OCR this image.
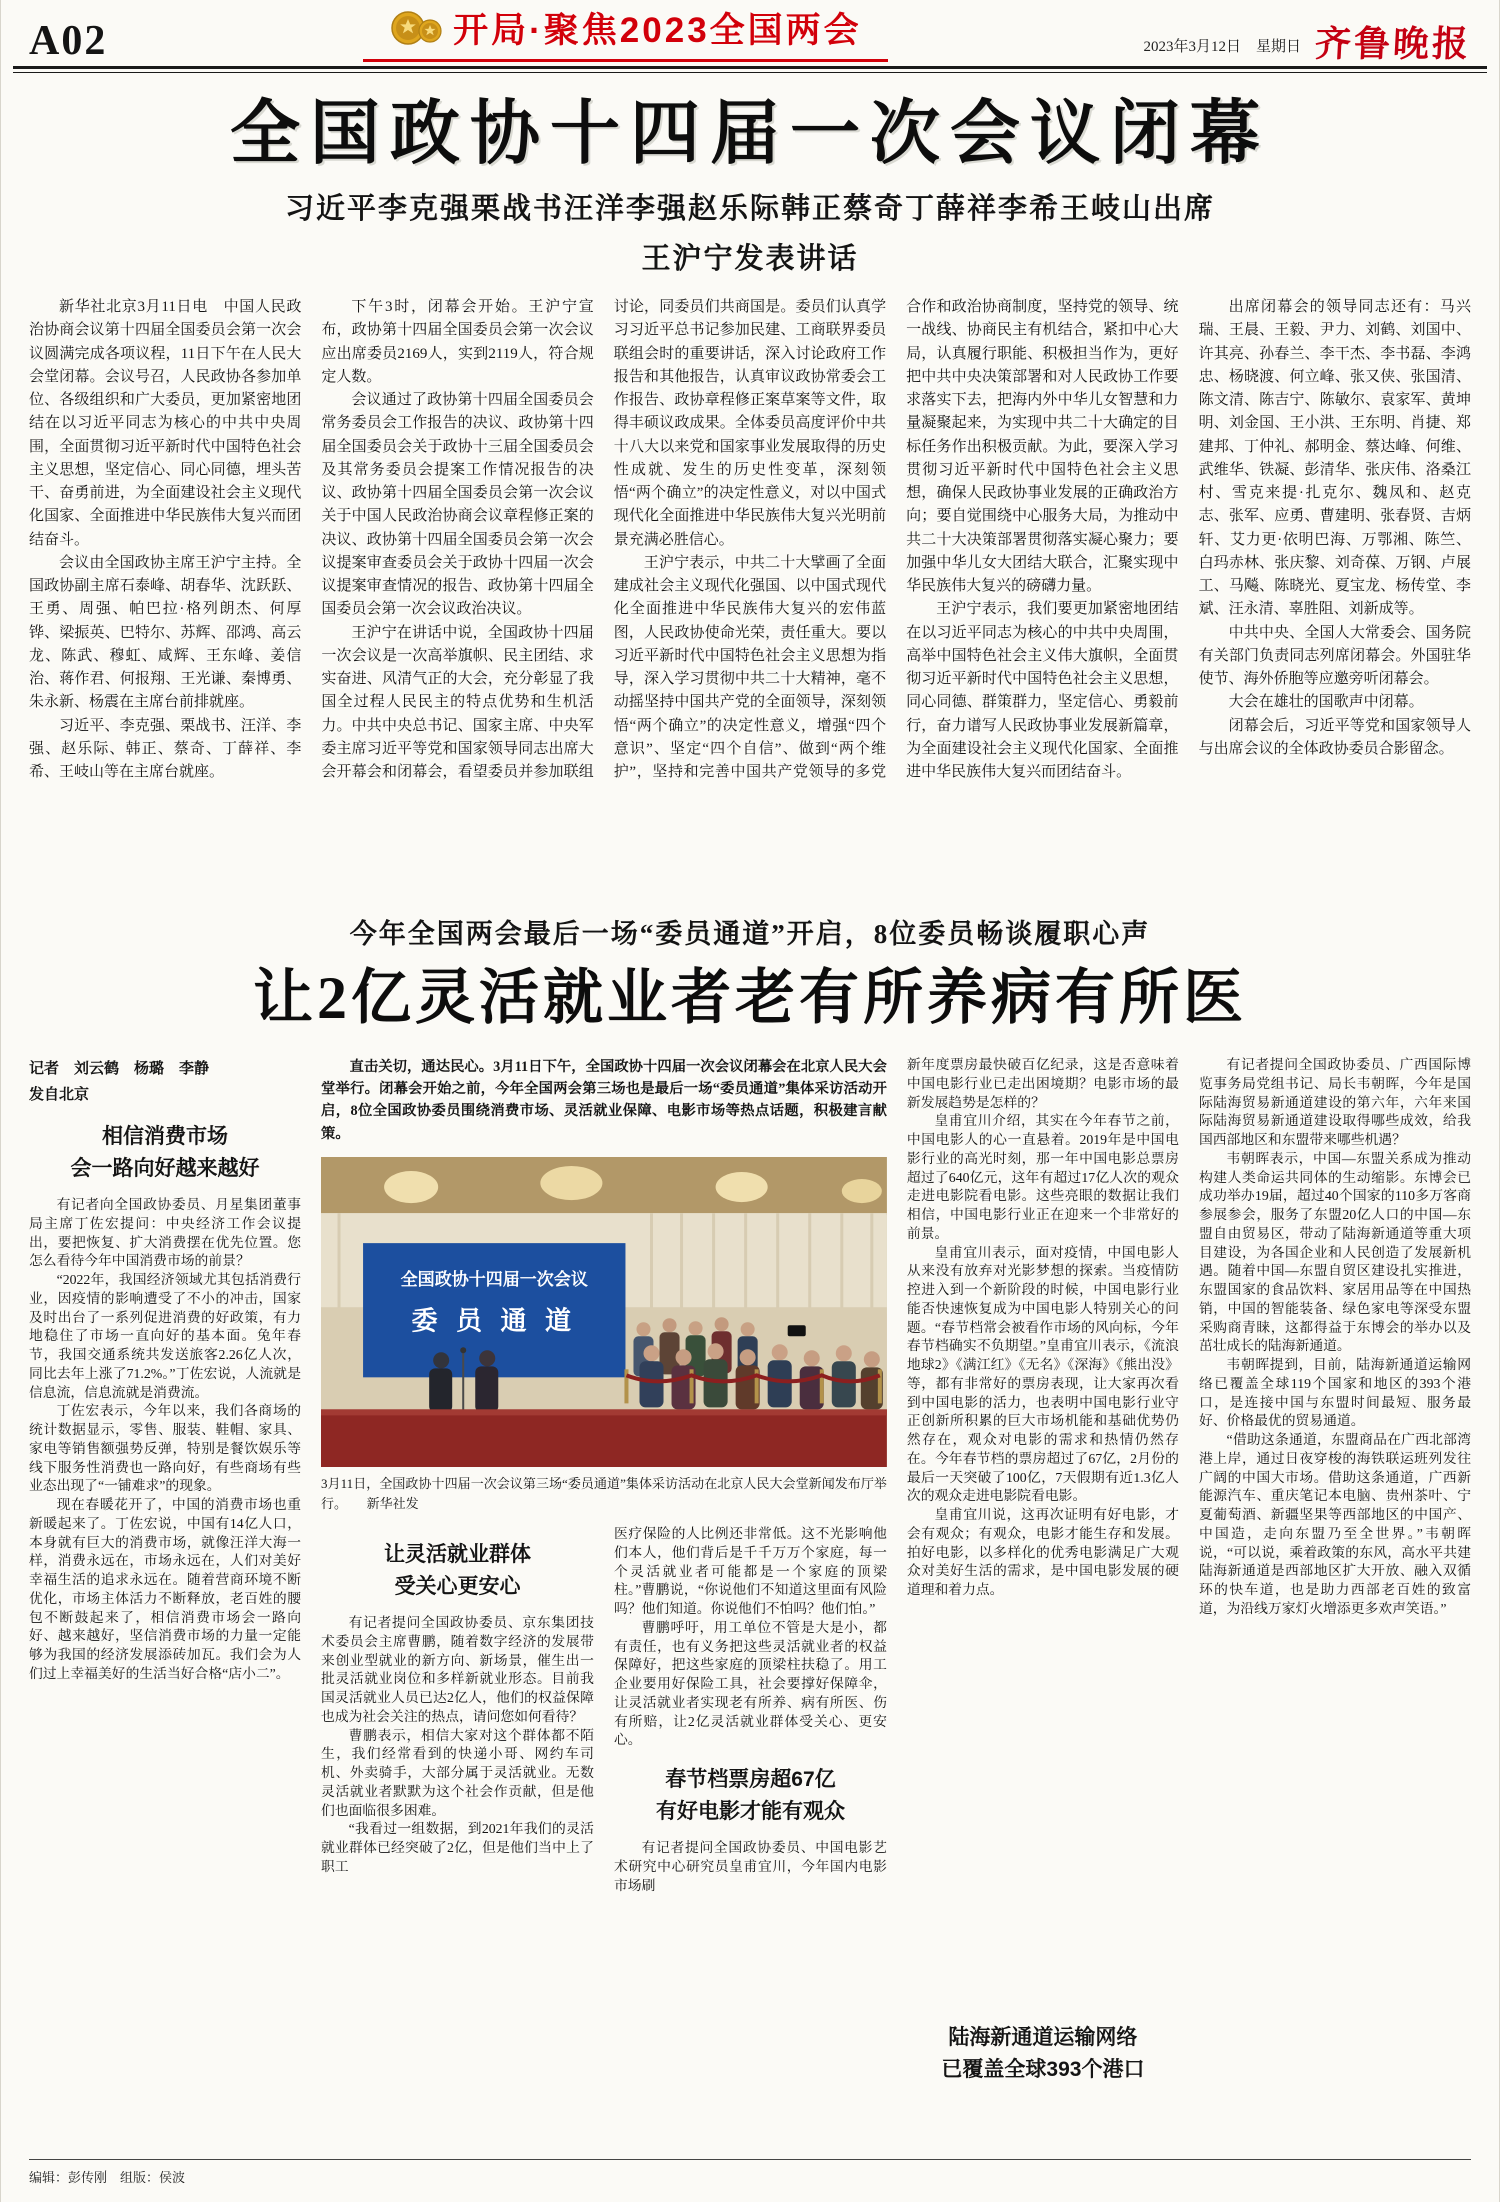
A02	开局·聚焦2023全国两会	2023年3月12日　星期日 齐鲁晚报
全国政协十四届一次会议闭幕
习近平李克强栗战书汪洋李强赵乐际韩正蔡奇丁薛祥李希王岐山出席
王沪宁发表讲话

新华社北京3月11日电　中国人民政治协商会议第十四届全国委员会第一次会议圆满完成各项议程，11日下午在人民大会堂闭幕。会议号召，人民政协各参加单位、各级组织和广大委员，更加紧密地团结在以习近平同志为核心的中共中央周围，全面贯彻习近平新时代中国特色社会主义思想，坚定信心、同心同德，埋头苦干、奋勇前进，为全面建设社会主义现代化国家、全面推进中华民族伟大复兴而团结奋斗。

会议由全国政协主席王沪宁主持。全国政协副主席石泰峰、胡春华、沈跃跃、王勇、周强、帕巴拉·格列朗杰、何厚铧、梁振英、巴特尔、苏辉、邵鸿、高云龙、陈武、穆虹、咸辉、王东峰、姜信治、蒋作君、何报翔、王光谦、秦博勇、朱永新、杨震在主席台前排就座。

习近平、李克强、栗战书、汪洋、李强、赵乐际、韩正、蔡奇、丁薛祥、李希、王岐山等在主席台就座。

下午3时，闭幕会开始。王沪宁宣布，政协第十四届全国委员会第一次会议应出席委员2169人，实到2119人，符合规定人数。

会议通过了政协第十四届全国委员会常务委员会工作报告的决议、政协第十四届全国委员会关于政协十三届全国委员会及其常务委员会提案工作情况报告的决议、政协第十四届全国委员会第一次会议关于中国人民政治协商会议章程修正案的决议、政协第十四届全国委员会第一次会议提案审查委员会关于政协十四届一次会议提案审查情况的报告、政协第十四届全国委员会第一次会议政治决议。

王沪宁在讲话中说，全国政协十四届一次会议是一次高举旗帜、民主团结、求实奋进、风清气正的大会，充分彰显了我国全过程人民民主的特点优势和生机活力。中共中央总书记、国家主席、中央军委主席习近平等党和国家领导同志出席大会开幕会和闭幕会，看望委员并参加联组讨论，同委员们共商国是。委员们认真学习习近平总书记参加民建、工商联界委员联组会时的重要讲话，深入讨论政府工作报告和其他报告，认真审议政协常委会工作报告、政协章程修正案草案等文件，取得丰硕议政成果。全体委员高度评价中共十八大以来党和国家事业发展取得的历史性成就、发生的历史性变革，深刻领悟“两个确立”的决定性意义，对以中国式现代化全面推进中华民族伟大复兴光明前景充满必胜信心。

王沪宁表示，中共二十大擘画了全面建成社会主义现代化强国、以中国式现代化全面推进中华民族伟大复兴的宏伟蓝图，人民政协使命光荣，责任重大。要以习近平新时代中国特色社会主义思想为指导，深入学习贯彻中共二十大精神，毫不动摇坚持中国共产党的全面领导，深刻领悟“两个确立”的决定性意义，增强“四个意识”、坚定“四个自信”、做到“两个维护”，坚持和完善中国共产党领导的多党合作和政治协商制度，坚持党的领导、统一战线、协商民主有机结合，紧扣中心大局，认真履行职能、积极担当作为，更好把中共中央决策部署和对人民政协工作要求落实下去，把海内外中华儿女智慧和力量凝聚起来，为实现中共二十大确定的目标任务作出积极贡献。为此，要深入学习贯彻习近平新时代中国特色社会主义思想，确保人民政协事业发展的正确政治方向；要自觉围绕中心服务大局，为推动中共二十大决策部署贯彻落实凝心聚力；要加强中华儿女大团结大联合，汇聚实现中华民族伟大复兴的磅礴力量。

王沪宁表示，我们要更加紧密地团结在以习近平同志为核心的中共中央周围，高举中国特色社会主义伟大旗帜，全面贯彻习近平新时代中国特色社会主义思想，同心同德、群策群力，坚定信心、勇毅前行，奋力谱写人民政协事业发展新篇章，为全面建设社会主义现代化国家、全面推进中华民族伟大复兴而团结奋斗。

出席闭幕会的领导同志还有：马兴瑞、王晨、王毅、尹力、刘鹤、刘国中、许其亮、孙春兰、李干杰、李书磊、李鸿忠、杨晓渡、何立峰、张又侠、张国清、陈文清、陈吉宁、陈敏尔、袁家军、黄坤明、刘金国、王小洪、王东明、肖捷、郑建邦、丁仲礼、郝明金、蔡达峰、何维、武维华、铁凝、彭清华、张庆伟、洛桑江村、雪克来提·扎克尔、魏凤和、赵克志、张军、应勇、曹建明、张春贤、吉炳轩、艾力更·依明巴海、万鄂湘、陈竺、白玛赤林、张庆黎、刘奇葆、万钢、卢展工、马飚、陈晓光、夏宝龙、杨传堂、李斌、汪永清、辜胜阻、刘新成等。

中共中央、全国人大常委会、国务院有关部门负责同志列席闭幕会。外国驻华使节、海外侨胞等应邀旁听闭幕会。

大会在雄壮的国歌声中闭幕。

闭幕会后，习近平等党和国家领导人与出席会议的全体政协委员合影留念。

今年全国两会最后一场“委员通道”开启，8位委员畅谈履职心声
让2亿灵活就业者老有所养病有所医
记者　刘云鹤　杨璐　李静
发自北京
相信消费市场
会一路向好越来越好

有记者向全国政协委员、月星集团董事局主席丁佐宏提问：中央经济工作会议提出，要把恢复、扩大消费摆在优先位置。您怎么看待今年中国消费市场的前景？

“2022年，我国经济领域尤其包括消费行业，因疫情的影响遭受了不小的冲击，国家及时出台了一系列促进消费的好政策，有力地稳住了市场一直向好的基本面。兔年春节，我国交通系统共发送旅客2.26亿人次，同比去年上涨了71.2%。”丁佐宏说，人流就是信息流，信息流就是消费流。

丁佐宏表示，今年以来，我们各商场的统计数据显示，零售、服装、鞋帽、家具、家电等销售额强势反弹，特别是餐饮娱乐等线下服务性消费也一路向好，有些商场有些业态出现了“一铺难求”的现象。

现在春暖花开了，中国的消费市场也重新暖起来了。丁佐宏说，中国有14亿人口，本身就有巨大的消费市场，就像汪洋大海一样，消费永远在，市场永远在，人们对美好幸福生活的追求永远在。随着营商环境不断优化，市场主体活力不断释放，老百姓的腰包不断鼓起来了，相信消费市场会一路向好、越来越好，坚信消费市场的力量一定能够为我国的经济发展添砖加瓦。我们会为人们过上幸福美好的生活当好合格“店小二”。

直击关切，通达民心。3月11日下午，全国政协十四届一次会议闭幕会在北京人民大会堂举行。闭幕会开始之前，今年全国两会第三场也是最后一场“委员通道”集体采访活动开启，8位全国政协委员围绕消费市场、灵活就业保障、电影市场等热点话题，积极建言献策。

全国政协十四届一次会议
委 员 通 道
3月11日，全国政协十四届一次会议第三场“委员通道”集体采访活动在北京人民大会堂新闻发布厅举行。 新华社发
让灵活就业群体
受关心更安心

有记者提问全国政协委员、京东集团技术委员会主席曹鹏，随着数字经济的发展带来创业型就业的新方向、新场景，催生出一批灵活就业岗位和多样新就业形态。目前我国灵活就业人员已达2亿人，他们的权益保障也成为社会关注的热点，请问您如何看待？

曹鹏表示，相信大家对这个群体都不陌生，我们经常看到的快递小哥、网约车司机、外卖骑手，大部分属于灵活就业。无数灵活就业者默默为这个社会作贡献，但是他们也面临很多困难。

“我看过一组数据，到2021年我们的灵活就业群体已经突破了2亿，但是他们当中上了职工

医疗保险的人比例还非常低。这不光影响他们本人，他们背后是千千万万个家庭，每一个灵活就业者可能都是一个家庭的顶梁柱。”曹鹏说，“你说他们不知道这里面有风险吗？他们知道。你说他们不怕吗？他们怕。”

曹鹏呼吁，用工单位不管是大是小，都有责任，也有义务把这些灵活就业者的权益保障好，把这些家庭的顶梁柱扶稳了。用工企业要用好保险工具，社会要撑好保障伞，让灵活就业者实现老有所养、病有所医、伤有所赔，让2亿灵活就业群体受关心、更安心。

春节档票房超67亿
有好电影才能有观众

有记者提问全国政协委员、中国电影艺术研究中心研究员皇甫宜川，今年国内电影市场刷

新年度票房最快破百亿纪录，这是否意味着中国电影行业已走出困境期？电影市场的最新发展趋势是怎样的？

皇甫宜川介绍，其实在今年春节之前，中国电影人的心一直悬着。2019年是中国电影行业的高光时刻，那一年中国电影总票房超过了640亿元，这年有超过17亿人次的观众走进电影院看电影。这些亮眼的数据让我们相信，中国电影行业正在迎来一个非常好的前景。

皇甫宜川表示，面对疫情，中国电影人从来没有放弃对光影梦想的探索。当疫情防控进入到一个新阶段的时候，中国电影行业能否快速恢复成为中国电影人特别关心的问题。“春节档常会被看作市场的风向标，今年春节档确实不负期望。”皇甫宜川表示，《流浪地球2》《满江红》《无名》《深海》《熊出没》等，都有非常好的票房表现，让大家再次看到中国电影的活力，也表明中国电影行业守正创新所积累的巨大市场机能和基础优势仍然存在，观众对电影的需求和热情仍然存在。今年春节档的票房超过了67亿，2月份的最后一天突破了100亿，7天假期有近1.3亿人次的观众走进电影院看电影。

皇甫宜川说，这再次证明有好电影，才会有观众；有观众，电影才能生存和发展。拍好电影，以多样化的优秀电影满足广大观众对美好生活的需求，是中国电影发展的硬道理和着力点。

陆海新通道运输网络
已覆盖全球393个港口

有记者提问全国政协委员、广西国际博览事务局党组书记、局长韦朝晖，今年是国际陆海贸易新通道建设的第六年，六年来国际陆海贸易新通道建设取得哪些成效，给我国西部地区和东盟带来哪些机遇？

韦朝晖表示，中国—东盟关系成为推动构建人类命运共同体的生动缩影。东博会已成功举办19届，超过40个国家的110多万客商参展参会，服务了东盟20亿人口的中国—东盟自由贸易区，带动了陆海新通道等重大项目建设，为各国企业和人民创造了发展新机遇。随着中国—东盟自贸区建设扎实推进，东盟国家的食品饮料、家居用品等在中国热销，中国的智能装备、绿色家电等深受东盟采购商青睐，这都得益于东博会的举办以及茁壮成长的陆海新通道。

韦朝晖提到，目前，陆海新通道运输网络已覆盖全球119个国家和地区的393个港口，是连接中国与东盟时间最短、服务最好、价格最优的贸易通道。

“借助这条通道，东盟商品在广西北部湾港上岸，通过日夜穿梭的海铁联运班列发往广阔的中国大市场。借助这条通道，广西新能源汽车、重庆笔记本电脑、贵州茶叶、宁夏葡萄酒、新疆坚果等西部地区的中国产、中国造，走向东盟乃至全世界。”韦朝晖说，“可以说，乘着政策的东风，高水平共建陆海新通道是西部地区扩大开放、融入双循环的快车道，也是助力西部老百姓的致富道，为沿线万家灯火增添更多欢声笑语。”

编辑：彭传刚　组版：侯波
